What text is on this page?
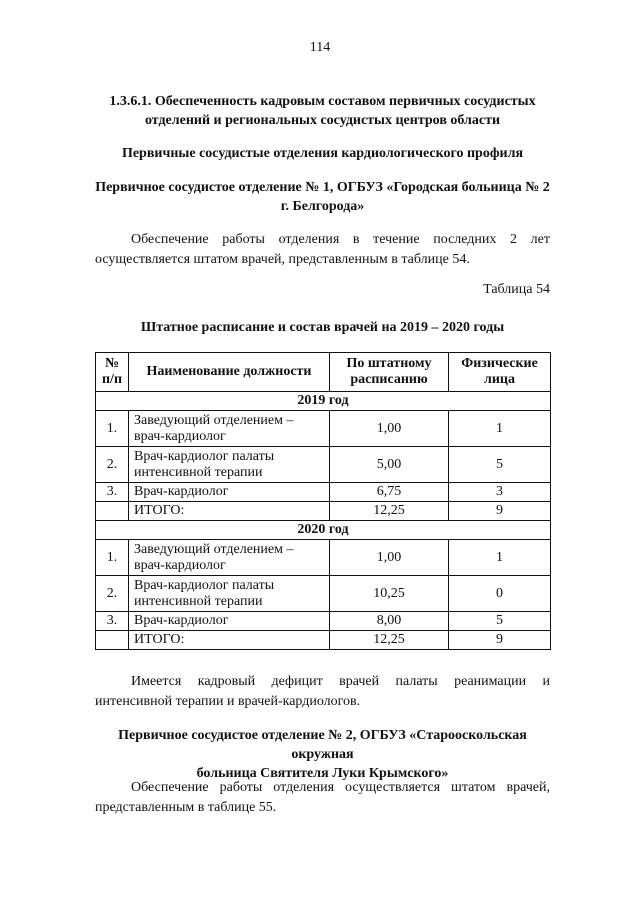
114
1.3.6.1. Обеспеченность кадровым составом первичных сосудистых
отделений и региональных сосудистых центров области
Первичные сосудистые отделения кардиологического профиля
Первичное сосудистое отделение № 1, ОГБУЗ «Городская больница № 2
г. Белгорода»
Обеспечение работы отделения в течение последних 2 лет осуществляется штатом врачей, представленным в таблице 54.
Таблица 54
Штатное расписание и состав врачей на 2019 – 2020 годы
№
п/п	Наименование должности	По штатному
расписанию	Физические лица
2019 год			
1.	Заведующий отделением –
врач-кардиолог	1,00	1
2.	Врач-кардиолог палаты
интенсивной терапии	5,00	5
3.	Врач-кардиолог	6,75	3
	ИТОГО:	12,25	9
2020 год			
1.	Заведующий отделением –
врач-кардиолог	1,00	1
2.	Врач-кардиолог палаты
интенсивной терапии	10,25	0
3.	Врач-кардиолог	8,00	5
	ИТОГО:	12,25	9
Имеется кадровый дефицит врачей палаты реанимации и интенсивной терапии и врачей-кардиологов.
Первичное сосудистое отделение № 2, ОГБУЗ «Старооскольская окружная
больница Святителя Луки Крымского»
Обеспечение работы отделения осуществляется штатом врачей, представленным в таблице 55.
